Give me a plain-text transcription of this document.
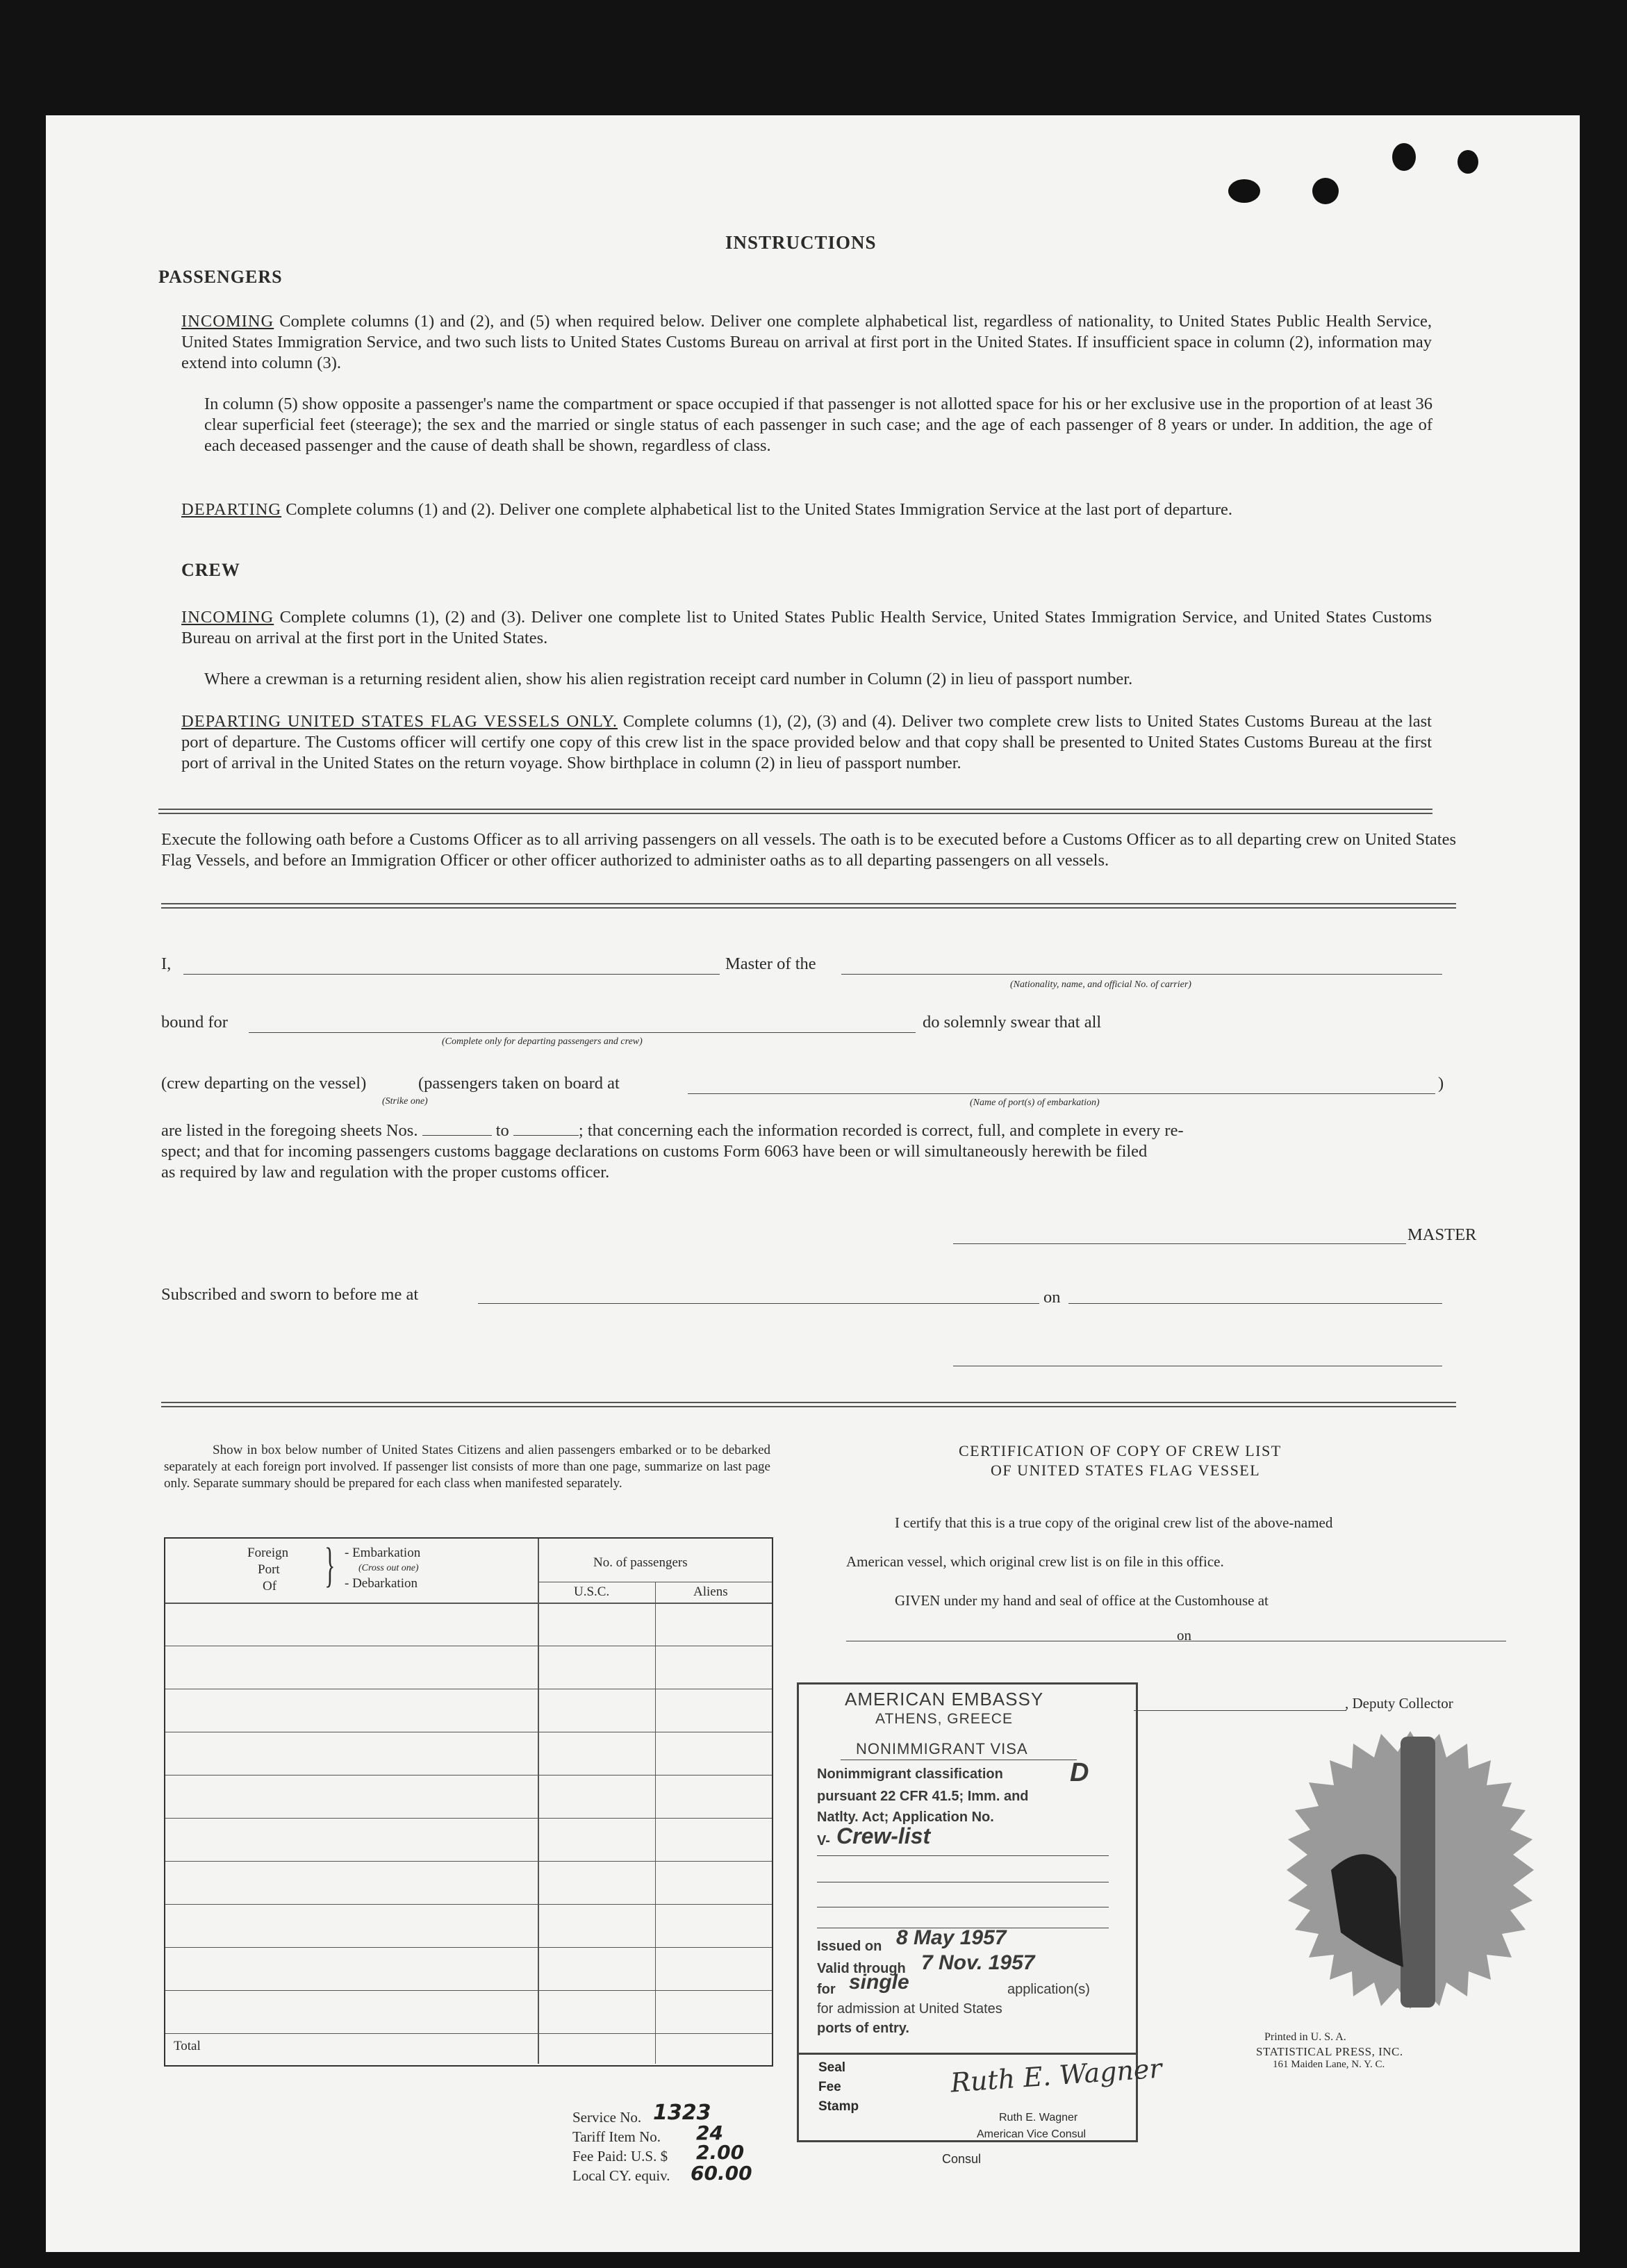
INSTRUCTIONS
PASSENGERS
INCOMING Complete columns (1) and (2), and (5) when required below. Deliver one complete alphabetical list, regardless of nationality, to United States Public Health Service, United States Immigration Service, and two such lists to United States Customs Bureau on arrival at first port in the United States. If insufficient space in column (2), information may extend into column (3).
In column (5) show opposite a passenger's name the compartment or space occupied if that passenger is not allotted space for his or her exclusive use in the proportion of at least 36 clear superficial feet (steerage); the sex and the married or single status of each passenger in such case; and the age of each passenger of 8 years or under. In addition, the age of each deceased passenger and the cause of death shall be shown, regardless of class.
DEPARTING Complete columns (1) and (2). Deliver one complete alphabetical list to the United States Immigration Service at the last port of departure.
CREW
INCOMING Complete columns (1), (2) and (3). Deliver one complete list to United States Public Health Service, United States Immigration Service, and United States Customs Bureau on arrival at the first port in the United States.
Where a crewman is a returning resident alien, show his alien registration receipt card number in Column (2) in lieu of passport number.
DEPARTING UNITED STATES FLAG VESSELS ONLY. Complete columns (1), (2), (3) and (4). Deliver two complete crew lists to United States Customs Bureau at the last port of departure. The Customs officer will certify one copy of this crew list in the space provided below and that copy shall be presented to United States Customs Bureau at the first port of arrival in the United States on the return voyage. Show birthplace in column (2) in lieu of passport number.
Execute the following oath before a Customs Officer as to all arriving passengers on all vessels. The oath is to be executed before a Customs Officer as to all departing crew on United States Flag Vessels, and before an Immigration Officer or other officer authorized to administer oaths as to all departing passengers on all vessels.
I,	Master of the
(Nationality, name, and official No. of carrier)
bound for
(Complete only for departing passengers and crew)
do solemnly swear that all
(crew departing on the vessel)	(passengers taken on board at	)
(Strike one)	(Name of port(s) of embarkation)
are listed in the foregoing sheets Nos.	to	; that concerning each the information recorded is correct, full, and complete in every re-
spect; and that for incoming passengers customs baggage declarations on customs Form 6063 have been or will simultaneously herewith be filed
as required by law and regulation with the proper customs officer.
MASTER
Subscribed and sworn to before me at	on
Show in box below number of United States Citizens and alien passengers embarked or to be debarked separately at each foreign port involved. If passenger list consists of more than one page, summarize on last page only. Separate summary should be prepared for each class when manifested separately.
Foreign
Port
Of } - Embarkation
(Cross out one)
- Debarkation
No. of passengers
U.S.C.	Aliens
Total
CERTIFICATION OF COPY OF CREW LIST
OF UNITED STATES FLAG VESSEL
I certify that this is a true copy of the original crew list of the above-named
American vessel, which original crew list is on file in this office.
GIVEN under my hand and seal of office at the Customhouse at
on
, Deputy Collector
AMERICAN EMBASSY
ATHENS, GREECE
NONIMMIGRANT VISA
Nonimmigrant classification	D
pursuant 22 CFR 41.5; Imm. and
Natlty. Act; Application No.
V- Crew-list
Issued on 8 May 1957
Valid through 7 Nov. 1957
for single	application(s)
for admission at United States
ports of entry.
Seal
Fee
Stamp
Ruth E. Wagner
Ruth E. Wagner
American Vice Consul
Consul
Service No. 1323
Tariff Item No. 24
Fee Paid: U.S. $ 2.00
Local CY. equiv. 60.00
Printed in U. S. A.
STATISTICAL PRESS, INC.
161 Maiden Lane, N. Y. C.
